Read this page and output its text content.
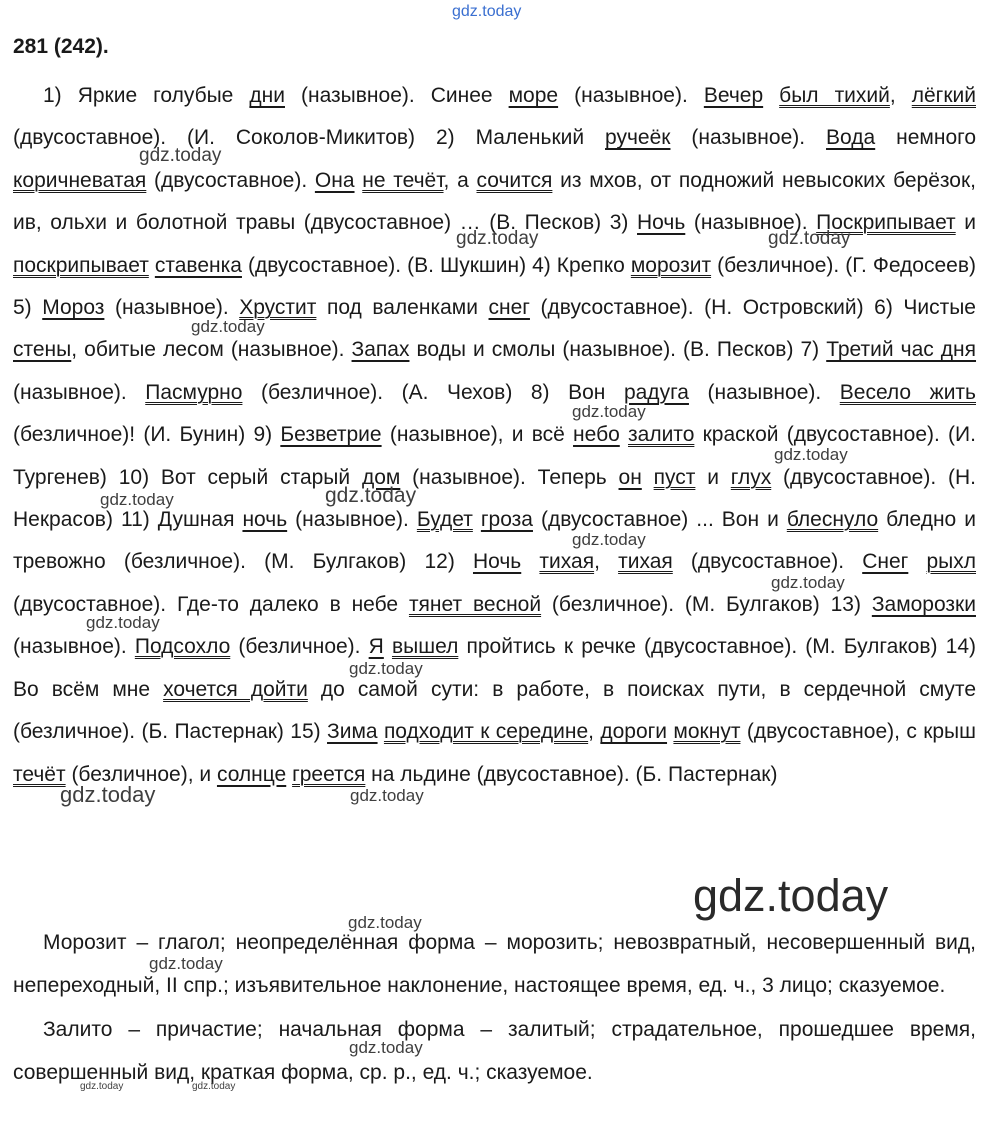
281 (242).

1) Яркие голубые дни (назывное). Синее море (назывное). Вечер был тихий, лёгкий (двусоставное). (И. Соколов-Микитов) 2) Маленький ручеёк (назывное). Вода немного коричневатая (двусоставное). Она не течёт, а сочится из мхов, от подножий невысоких берёзок, ив, ольхи и болотной травы (двусоставное) … (В. Песков) 3) Ночь (назывное). Поскрипывает и поскрипывает ставенка (двусоставное). (В. Шукшин) 4) Крепко морозит (безличное). (Г. Федосеев) 5) Мороз (назывное). Хрустит под валенками снег (двусоставное). (Н. Островский) 6) Чистые стены, обитые лесом (назывное). Запах воды и смолы (назывное). (В. Песков) 7) Третий час дня (назывное). Пасмурно (безличное). (А. Чехов) 8) Вон радуга (назывное). Весело жить (безличное)! (И. Бунин) 9) Безветрие (назывное), и всё небо залито краской (двусоставное). (И. Тургенев) 10) Вот серый старый дом (назывное). Теперь он пуст и глух (двусоставное). (Н. Некрасов) 11) Душная ночь (назывное). Будет гроза (двусоставное) ... Вон и блеснуло бледно и тревожно (безличное). (М. Булгаков) 12) Ночь тихая, тихая (двусоставное). Снег рыхл (двусоставное). Где-то далеко в небе тянет весной (безличное). (М. Булгаков) 13) Заморозки (назывное). Подсохло (безличное). Я вышел пройтись к речке (двусоставное). (М. Булгаков) 14) Во всём мне хочется дойти до самой сути: в работе, в поисках пути, в сердечной смуте (безличное). (Б. Пастернак) 15) Зима подходит к середине, дороги мокнут (двусоставное), с крыш течёт (безличное), и солнце греется на льдине (двусоставное). (Б. Пастернак)

Морозит – глагол; неопределённая форма – морозить; невозвратный, несовершенный вид, непереходный, II спр.; изъявительное наклонение, настоящее время, ед. ч., 3 лицо; сказуемое.

Залито – причастие; начальная форма – залитый; страдательное, прошедшее время, совершенный вид, краткая форма, ср. р., ед. ч.; сказуемое.

gdz.today
gdz.today
gdz.today	gdz.today
gdz.today
gdz.today
gdz.today
gdz.today	gdz.today
gdz.today
gdz.today
gdz.today
gdz.today
gdz.today	gdz.today
gdz.today
gdz.today
gdz.today
gdz.today
gdz.today	gdz.today
